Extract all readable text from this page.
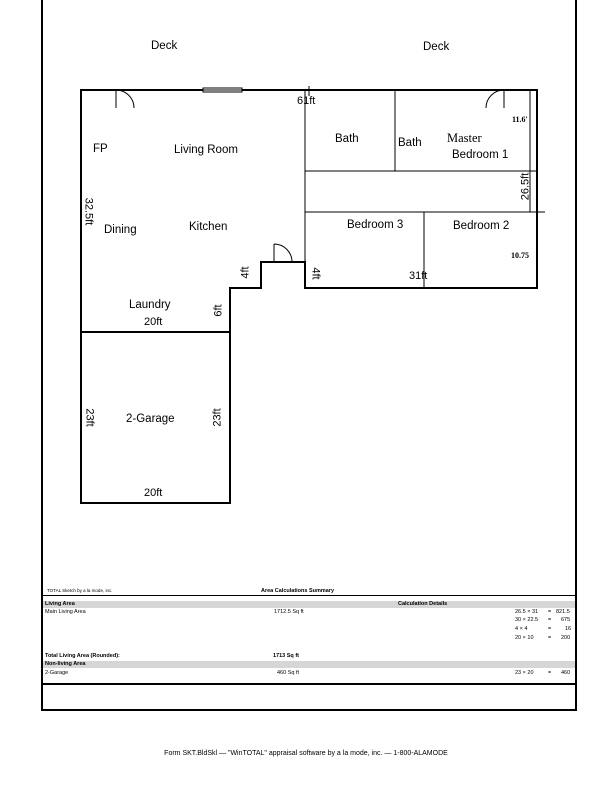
Deck	Deck
FP	Living Room
Dining	Kitchen
Laundry
Bath	Bath Master
Bedroom 1
Bedroom 3	Bedroom 2
2-Garage
61ft
32.5ft
26.5ft
4ft	4ft	31ft
20ft
6ft
23ft	23ft
20ft
11.6'
10.75
TOTAL Sketch by a la mode, inc.	Area Calculations Summary
Living Area	Calculation Details
Main Living Area	1712.5 Sq ft	26.5 × 31 = 821.5
30 × 22.5 = 675
4 × 4	=	16
20 × 10	= 200
Total Living Area (Rounded):	1713 Sq ft
Non-living Area
2-Garage	460 Sq ft	23 × 20	= 460
Form SKT.BldSkl — "WinTOTAL" appraisal software by a la mode, inc. — 1-800-ALAMODE
